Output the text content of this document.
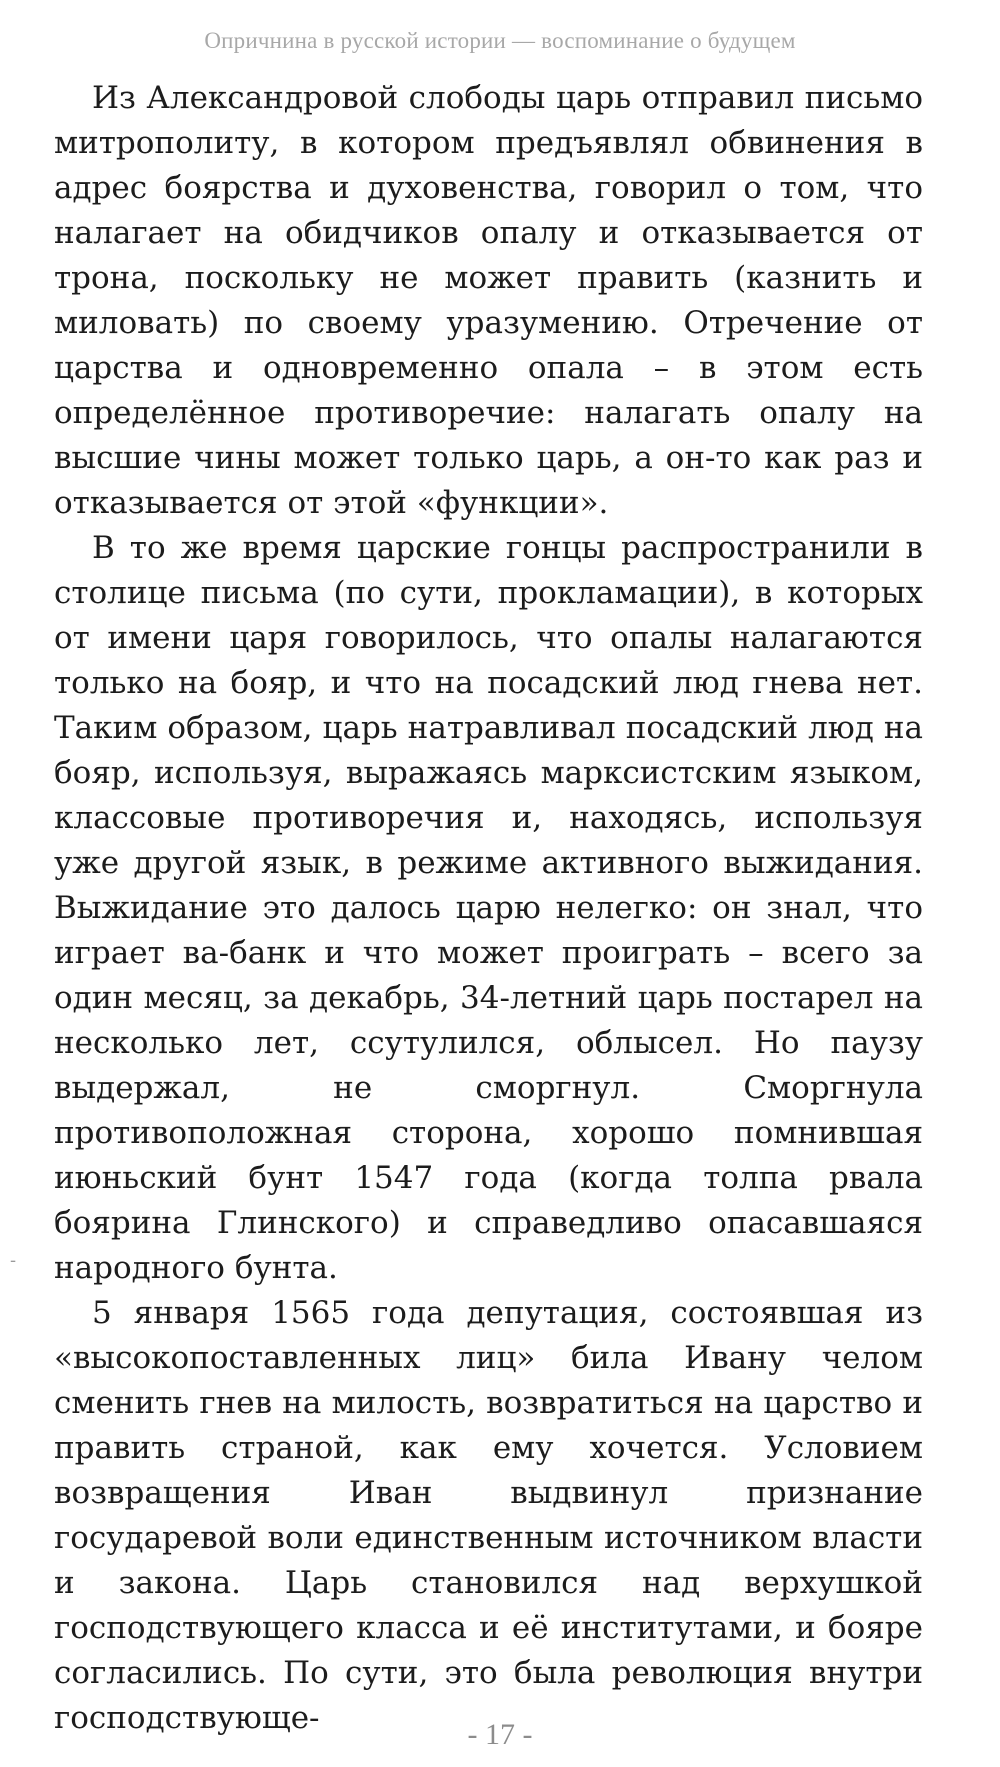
Опричнина в русской истории — воспоминание о будущем

Из Александровой слободы царь отправил письмо митрополиту, в котором предъявлял обвинения в адрес боярства и духовенства, говорил о том, что налагает на обидчиков опалу и отказывается от трона, поскольку не может править (казнить и миловать) по своему уразумению. Отречение от царства и одновременно опала – в этом есть определённое противоречие: налагать опалу на высшие чины может только царь, а он-то как раз и отказывается от этой «функции».

В то же время царские гонцы распространили в столице письма (по сути, прокламации), в которых от имени царя говорилось, что опалы налагаются только на бояр, и что на посадский люд гнева нет. Таким образом, царь натравливал посадский люд на бояр, используя, выражаясь марксистским языком, классовые противоречия и, находясь, используя уже другой язык, в режиме активного выжидания. Выжидание это далось царю нелегко: он знал, что играет ва-банк и что может проиграть – всего за один месяц, за декабрь, 34-летний царь постарел на несколько лет, ссутулился, облысел. Но паузу выдержал, не сморгнул. Сморгнула противоположная сторона, хорошо помнившая июньский бунт 1547 года (когда толпа рвала боярина Глинского) и справедливо опасавшаяся народного бунта.

5 января 1565 года депутация, состоявшая из «высокопоставленных лиц» била Ивану челом сменить гнев на милость, возвратиться на царство и править страной, как ему хочется. Условием возвращения Иван выдвинул признание государевой воли единственным источником власти и закона. Царь становился над верхушкой господствующего класса и её институтами, и бояре согласились. По сути, это была революция внутри господствующе-

-
- 17 -
